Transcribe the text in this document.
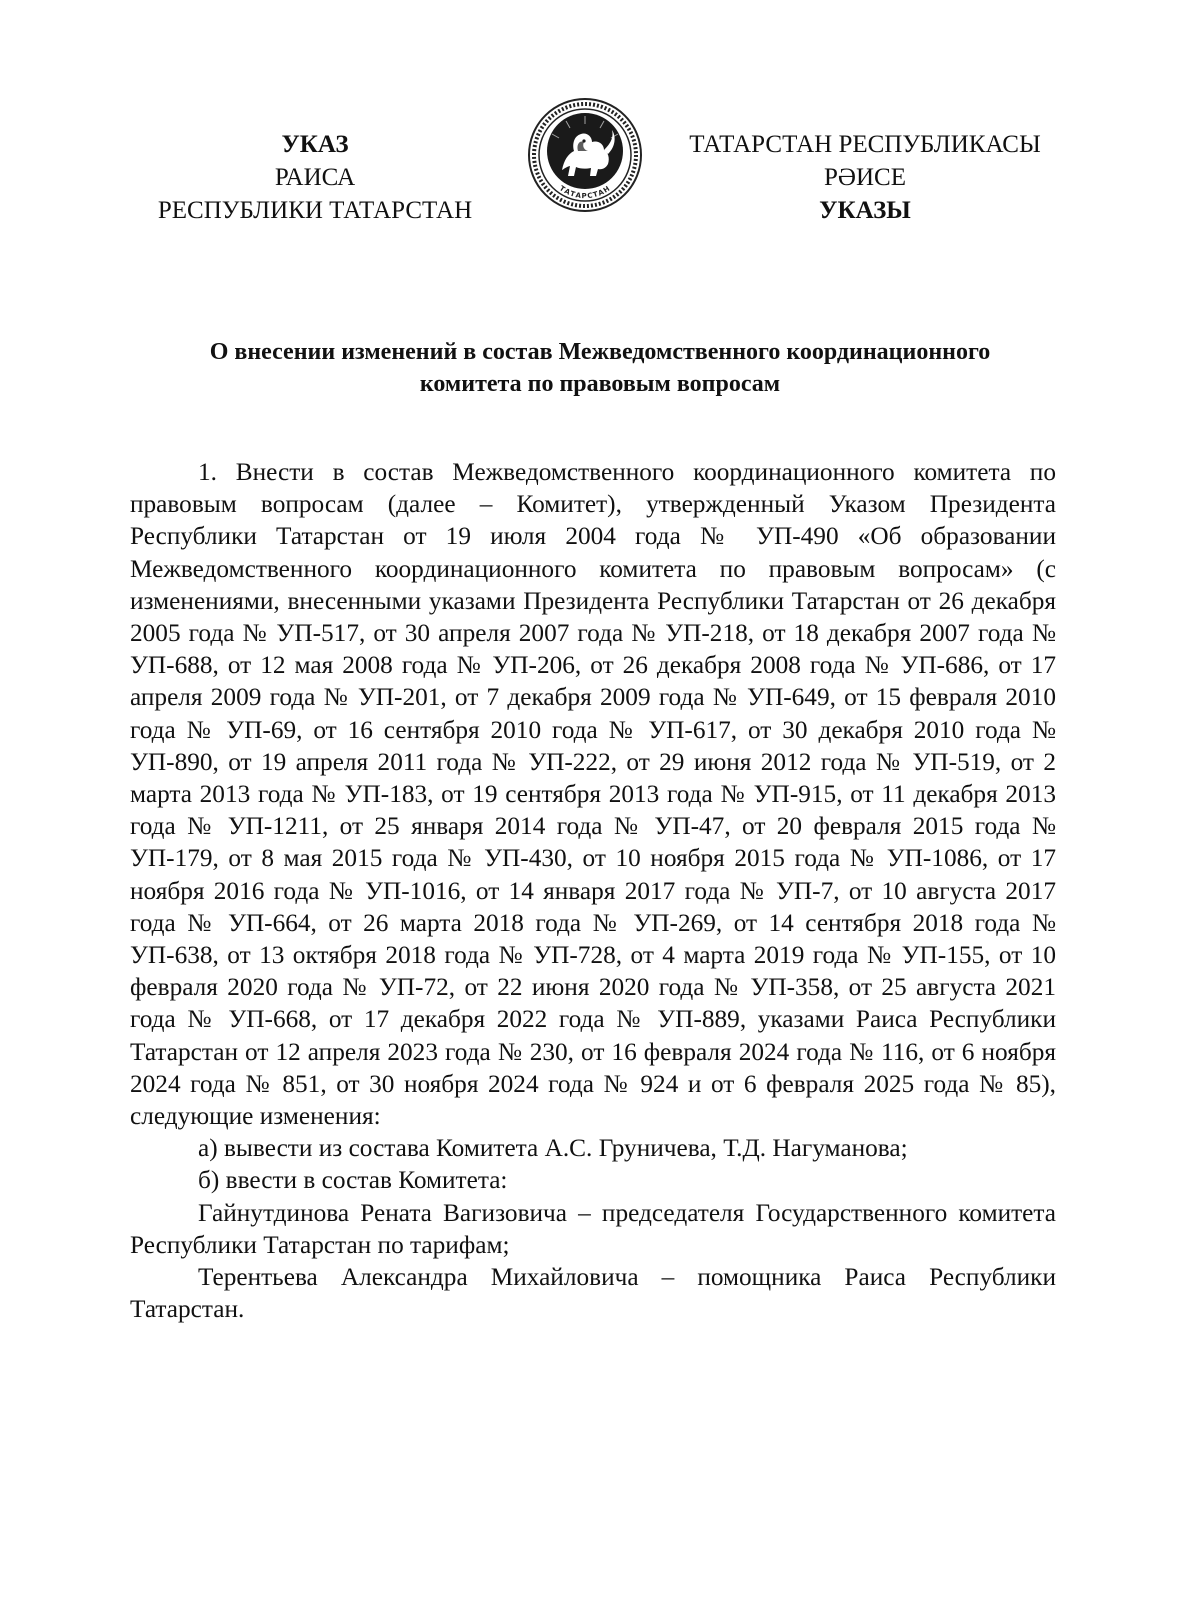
УКАЗ
РАИСА
РЕСПУБЛИКИ ТАТАРСТАН
ТАТАРСТАН
ТАТАРСТАН РЕСПУБЛИКАСЫ
РӘИСЕ
УКАЗЫ
О внесении изменений в состав Межведомственного координационного
комитета по правовым вопросам

1. Внести в состав Межведомственного координационного комитета по правовым вопросам (далее – Комитет), утвержденный Указом Президента Республики Татарстан от 19 июля 2004 года № УП-490 «Об образовании Межведомственного координационного комитета по правовым вопросам» (с изменениями, внесенными указами Президента Республики Татарстан от 26 декабря 2005 года № УП-517, от 30 апреля 2007 года № УП-218, от 18 декабря 2007 года № УП-688, от 12 мая 2008 года № УП-206, от 26 декабря 2008 года № УП-686, от 17 апреля 2009 года № УП-201, от 7 декабря 2009 года № УП-649, от 15 февраля 2010 года № УП-69, от 16 сентября 2010 года № УП-617, от 30 декабря 2010 года № УП-890, от 19 апреля 2011 года № УП-222, от 29 июня 2012 года № УП-519, от 2 марта 2013 года № УП-183, от 19 сентября 2013 года № УП-915, от 11 декабря 2013 года № УП-1211, от 25 января 2014 года № УП-47, от 20 февраля 2015 года № УП-179, от 8 мая 2015 года № УП-430, от 10 ноября 2015 года № УП-1086, от 17 ноября 2016 года № УП-1016, от 14 января 2017 года № УП-7, от 10 августа 2017 года № УП-664, от 26 марта 2018 года № УП-269, от 14 сентября 2018 года № УП-638, от 13 октября 2018 года № УП-728, от 4 марта 2019 года № УП-155, от 10 февраля 2020 года № УП-72, от 22 июня 2020 года № УП-358, от 25 августа 2021 года № УП-668, от 17 декабря 2022 года № УП-889, указами Раиса Республики Татарстан от 12 апреля 2023 года № 230, от 16 февраля 2024 года № 116, от 6 ноября 2024 года № 851, от 30 ноября 2024 года № 924 и от 6 февраля 2025 года № 85), следующие изменения:

а) вывести из состава Комитета А.С. Груничева, Т.Д. Нагуманова;

б) ввести в состав Комитета:

Гайнутдинова Рената Вагизовича – председателя Государственного комитета Республики Татарстан по тарифам;

Терентьева Александра Михайловича – помощника Раиса Республики Татарстан.
